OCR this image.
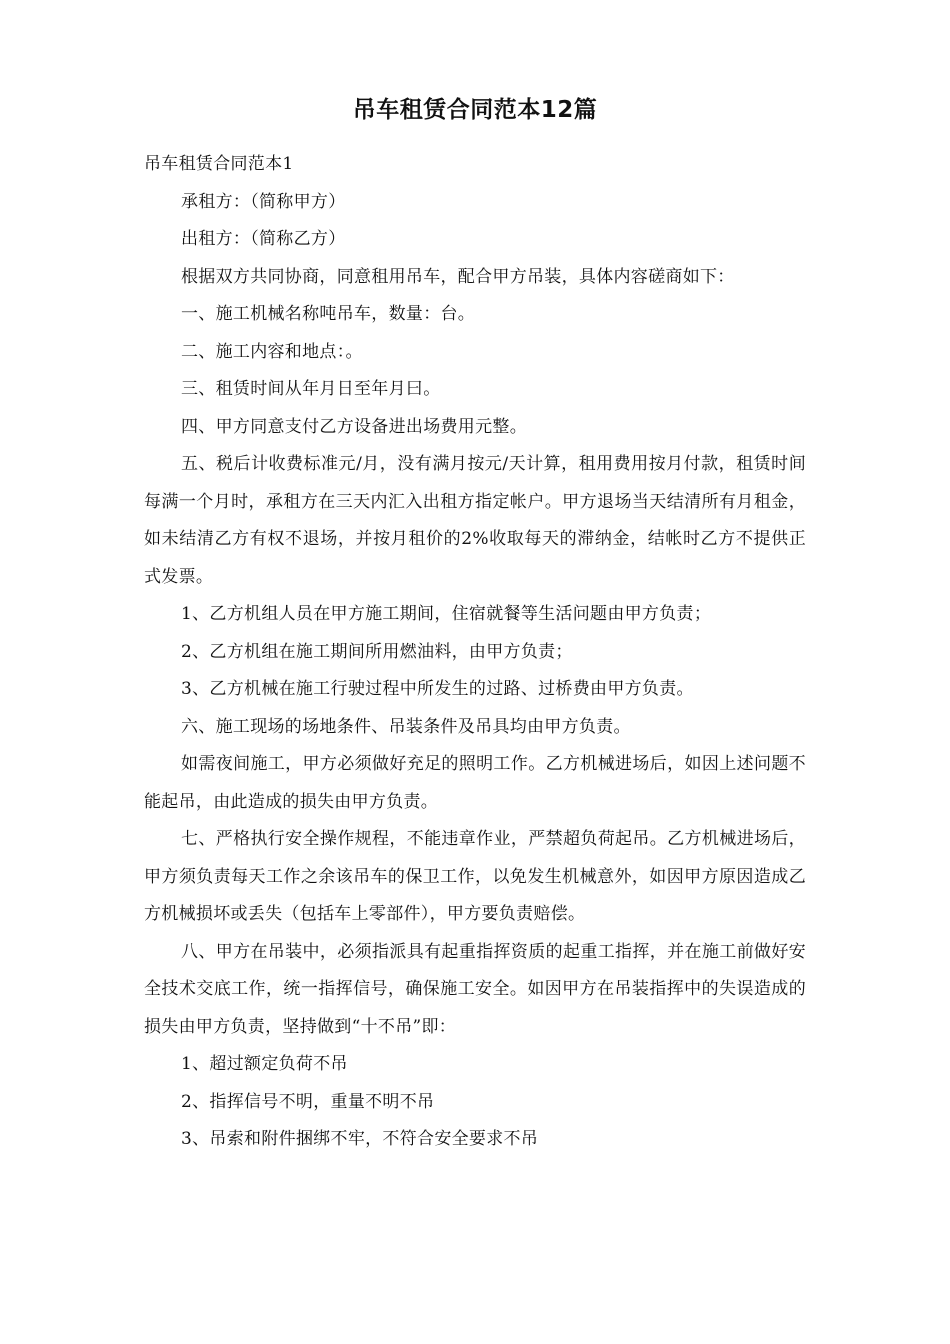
吊车租赁合同范本12篇

吊车租赁合同范本1

承租方：（简称甲方）

出租方：（简称乙方）

根据双方共同协商，同意租用吊车，配合甲方吊装，具体内容磋商如下：

一、施工机械名称吨吊车，数量：台。

二、施工内容和地点：。

三、租赁时间从年月日至年月曰。

四、甲方同意支付乙方设备进出场费用元整。

五、税后计收费标准元/月，没有满月按元/天计算，租用费用按月付款，租赁时间每满一个月时，承租方在三天内汇入出租方指定帐户。甲方退场当天结清所有月租金，如未结清乙方有权不退场，并按月租价的2%收取每天的滞纳金，结帐时乙方不提供正式发票。

1、乙方机组人员在甲方施工期间，住宿就餐等生活问题由甲方负责；

2、乙方机组在施工期间所用燃油料，由甲方负责；

3、乙方机械在施工行驶过程中所发生的过路、过桥费由甲方负责。

六、施工现场的场地条件、吊装条件及吊具均由甲方负责。

如需夜间施工，甲方必须做好充足的照明工作。乙方机械进场后，如因上述问题不能起吊，由此造成的损失由甲方负责。

七、严格执行安全操作规程，不能违章作业，严禁超负荷起吊。乙方机械进场后，甲方须负责每天工作之余该吊车的保卫工作，以免发生机械意外，如因甲方原因造成乙方机械损坏或丢失（包括车上零部件），甲方要负责赔偿。

八、甲方在吊装中，必须指派具有起重指挥资质的起重工指挥，并在施工前做好安全技术交底工作，统一指挥信号，确保施工安全。如因甲方在吊装指挥中的失误造成的损失由甲方负责，坚持做到“十不吊”即：

1、超过额定负荷不吊

2、指挥信号不明，重量不明不吊

3、吊索和附件捆绑不牢，不符合安全要求不吊
